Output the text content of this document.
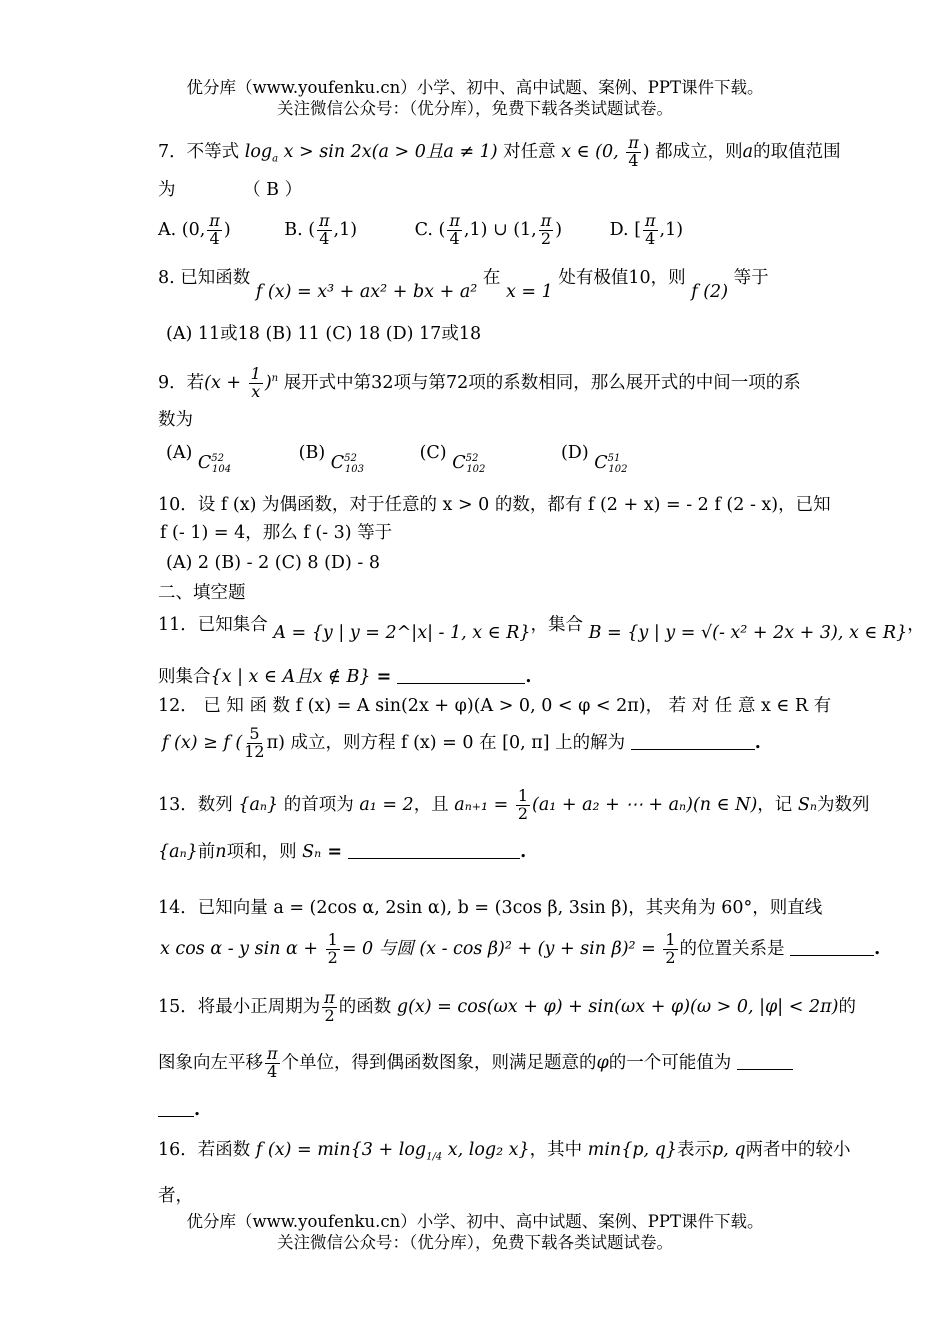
优分库（www.youfenku.cn）小学、初中、高中试题、案例、PPT课件下载。
关注微信公众号：（优分库），免费下载各类试题试卷。
7．不等式 $\log_a x > \sin 2x(a > 0$且a ≠ 1) 对任意 x ∈ (0, $\frac{\pi}{4}$ ) 都成立，则a的取值范围
为	（ B ）
A. (0, $\frac{\pi}{4}$ )	B. ( $\frac{\pi}{4} ,1$)	C. ( $\frac{\pi}{4} ,1$) ∪ (1, $\frac{\pi}{2}$ ) D. [ $\frac{\pi}{4} ,1$)
8. 已知函数 f (x) = x³ + ax² + bx + a² 在 x = 1 处有极值10，则 f (2) 等于
(A) 11或18 (B) 11 (C) 18 (D) 17或18
9．若$(x + \frac{1}{x} )^n$ 展开式中第32项与第72项的系数相同，那么展开式的中间一项的系
数为
(A) $C^{52}_{104}$ (B) $C^{52}_{103}$ (C) $C^{52}_{102}$ (D) $C^{51}_{102}$
10．设 f (x) 为偶函数，对于任意的 x > 0 的数，都有 f (2 + x) = - 2 f (2 - x)，已知
f (- 1) = 4，那么 f (- 3) 等于
(A) 2 (B) - 2 (C) 8 (D) - 8
二、填空题
11．已知集合 A = {y | y = 2^|x| - 1, x ∈ R}，集合 B = {y | y = √(- x² + 2x + 3), x ∈ R}，
则集合{x | x ∈ A且x ∉ B} =	.
12． 已 知 函 数 f (x) = A sin(2x + φ)(A > 0, 0 < φ < 2π)， 若 对 任 意 x ∈ R 有
f (x) ≥ f ( $\frac{5}{12} \pi$) 成立，则方程 f (x) = 0 在 [0, π] 上的解为	.
13．数列 {aₙ} 的首项为 a₁ = 2，且 $a_{n+1} = \frac{1}{2} (a_1 + a_2$ + ⋯ + aₙ)(n ∈ N)，记 Sₙ为数列
{aₙ}前n项和，则 Sₙ =	.
14．已知向量 a = (2cos α, 2sin α), b = (3cos β, 3sin β)，其夹角为 60°，则直线
x cos α - y $\sin \alpha + \frac{1}{2} = 0$ 与圆 $(x - \cos \beta)^2 + (y + \sin \beta)^2 = \frac{1}{2}$ 的位置关系是	.
15．将最小正周期为 $\frac{\pi}{2}$ 的函数 g(x) = cos(ωx + φ) + sin(ωx + φ)(ω > 0, |φ| < 2π)的
图象向左平移 $\frac{\pi}{4}$ 个单位，得到偶函数图象，则满足题意的φ的一个可能值为
.
16．若函数 f $(x) = \min\{3 + \log_{1/4} x$, log₂ x}，其中 min{p, q}表示p, q两者中的较小
者，
优分库（www.youfenku.cn）小学、初中、高中试题、案例、PPT课件下载。
关注微信公众号：（优分库），免费下载各类试题试卷。
